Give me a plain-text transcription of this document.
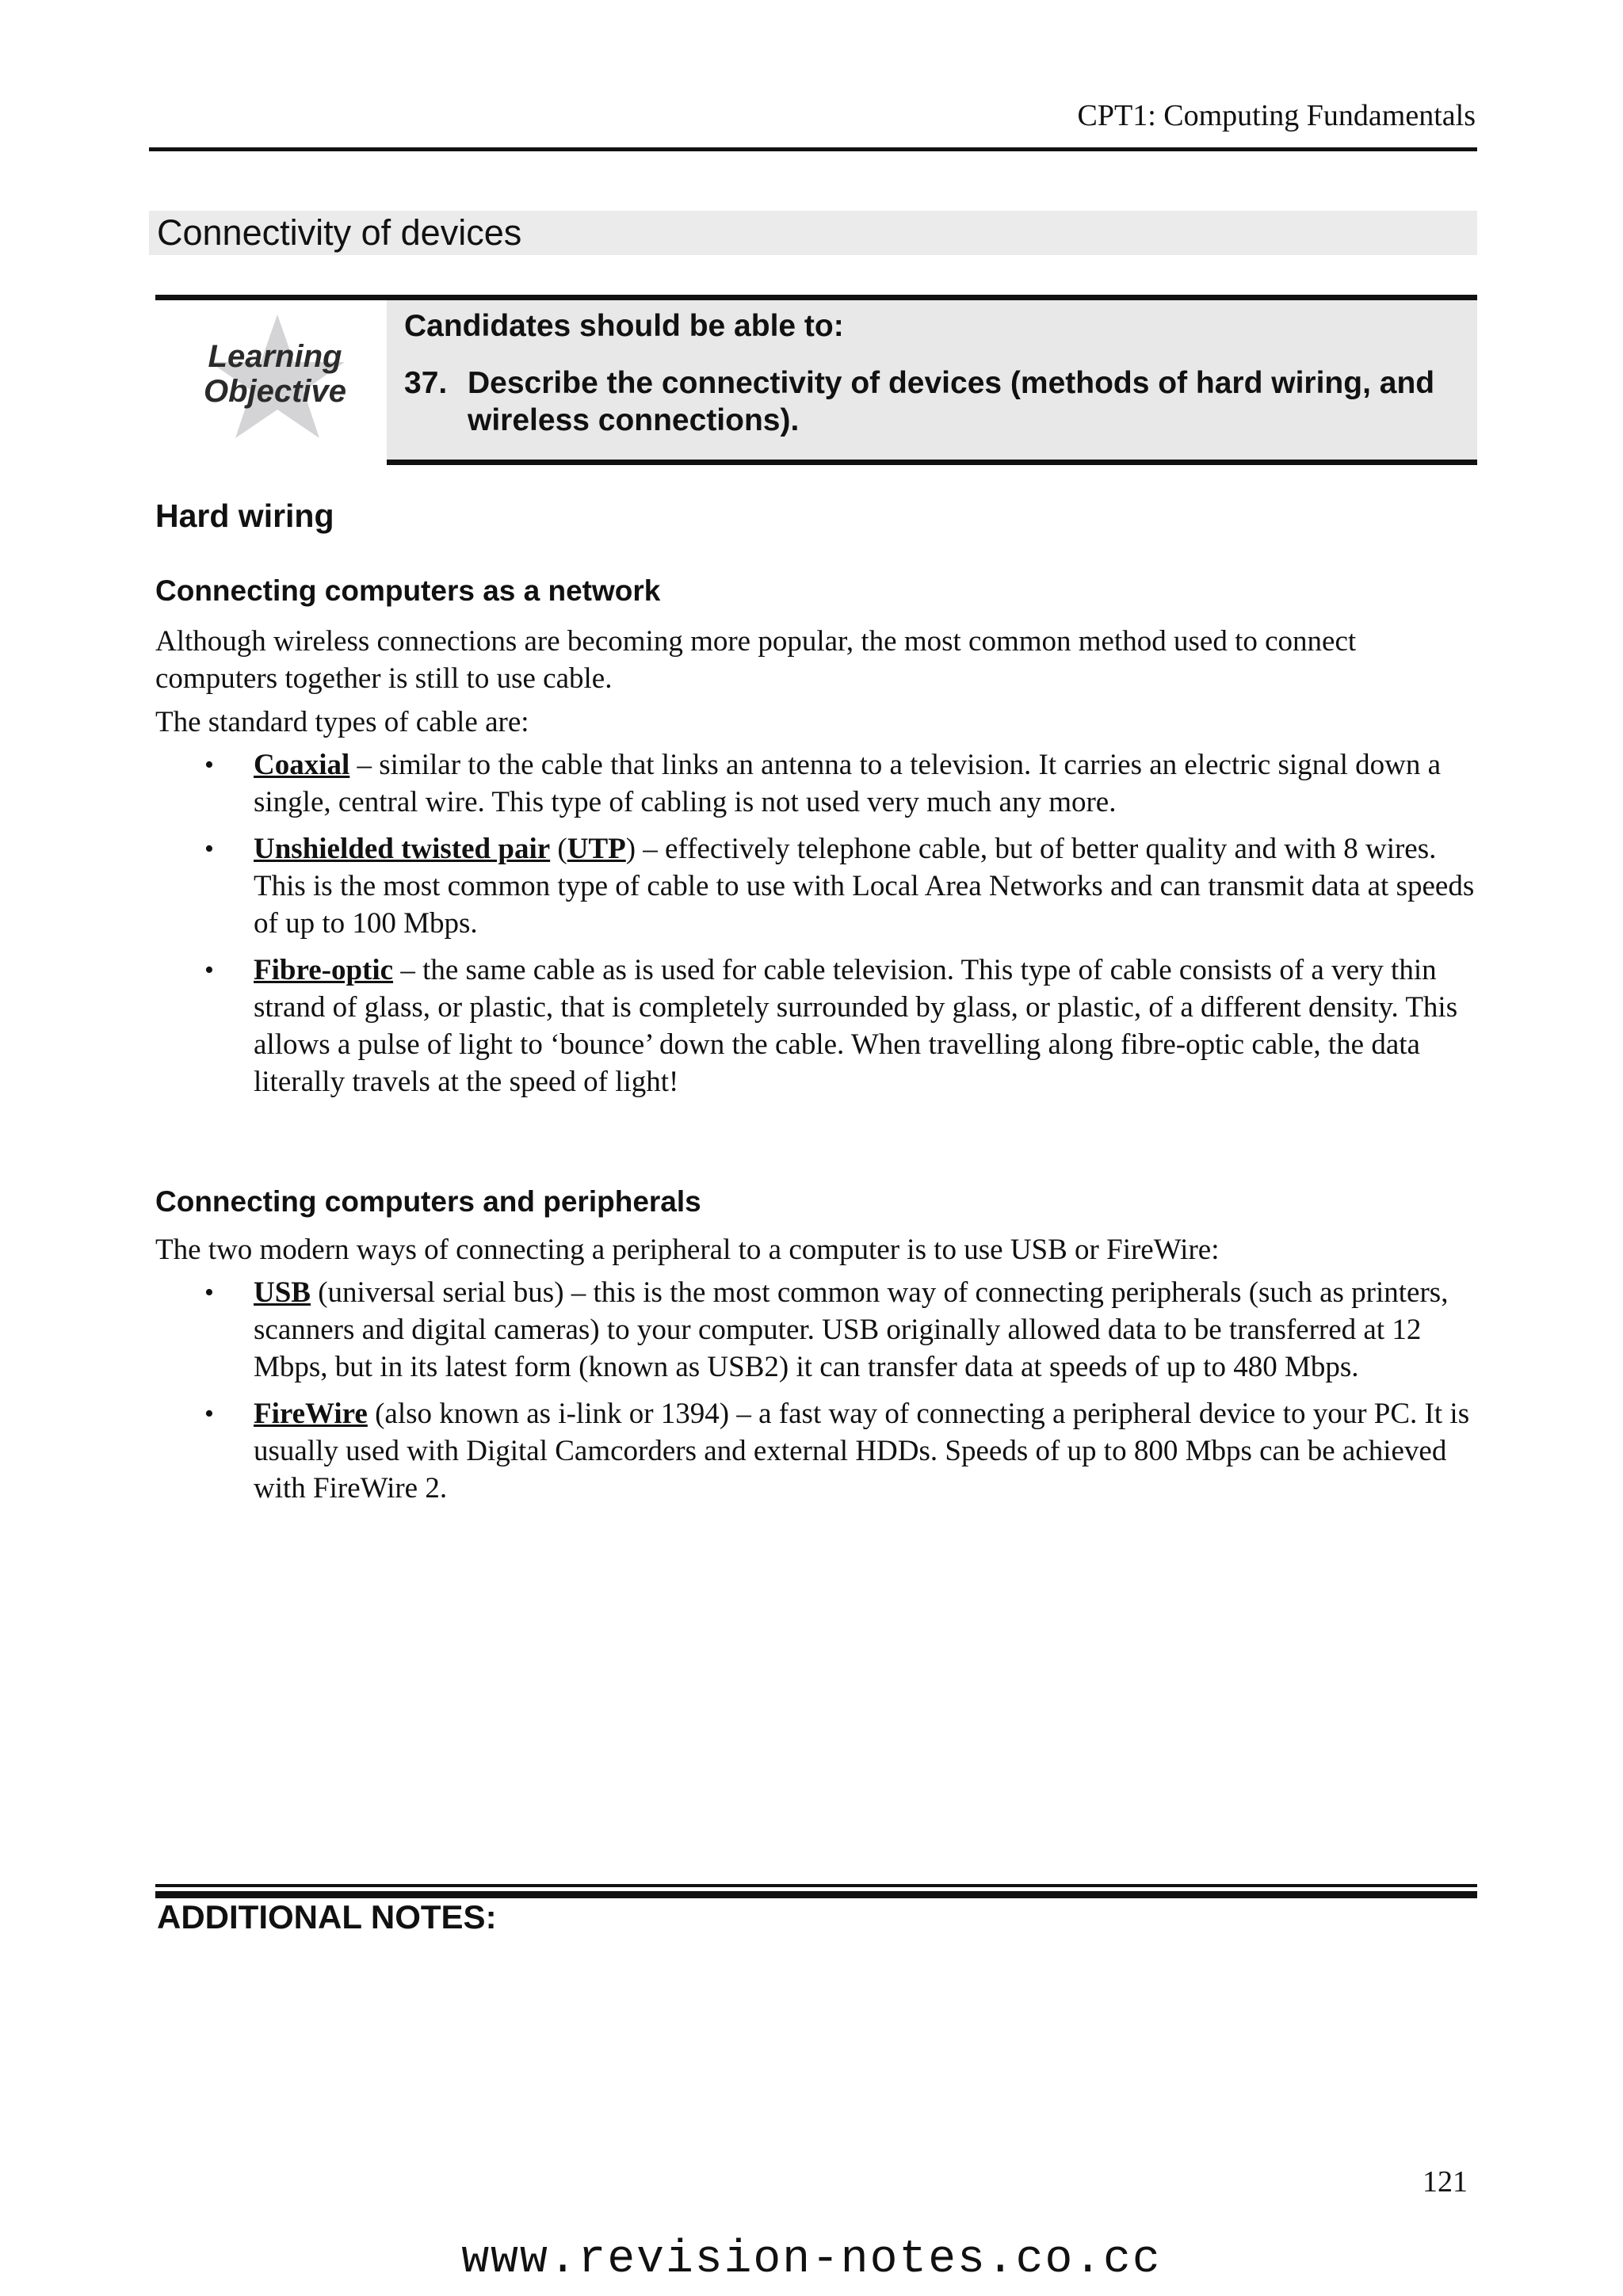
CPT1: Computing Fundamentals
Connectivity of devices
Learning
Objective
Candidates should be able to:
37. Describe the connectivity of devices (methods of hard wiring, and wireless connections).
Hard wiring
Connecting computers as a network
Although wireless connections are becoming more popular, the most common method used to connect computers together is still to use cable.
The standard types of cable are:
• Coaxial – similar to the cable that links an antenna to a television. It carries an electric signal down a single, central wire. This type of cabling is not used very much any more.
• Unshielded twisted pair (UTP) – effectively telephone cable, but of better quality and with 8 wires. This is the most common type of cable to use with Local Area Networks and can transmit data at speeds of up to 100 Mbps.
• Fibre-optic – the same cable as is used for cable television. This type of cable consists of a very thin strand of glass, or plastic, that is completely surrounded by glass, or plastic, of a different density. This allows a pulse of light to ‘bounce’ down the cable. When travelling along fibre-optic cable, the data literally travels at the speed of light!
Connecting computers and peripherals
The two modern ways of connecting a peripheral to a computer is to use USB or FireWire:
• USB (universal serial bus) – this is the most common way of connecting peripherals (such as printers, scanners and digital cameras) to your computer. USB originally allowed data to be transferred at 12 Mbps, but in its latest form (known as USB2) it can transfer data at speeds of up to 480 Mbps.
• FireWire (also known as i-link or 1394) – a fast way of connecting a peripheral device to your PC. It is usually used with Digital Camcorders and external HDDs. Speeds of up to 800 Mbps can be achieved with FireWire 2.
ADDITIONAL NOTES:
121
www.revision-notes.co.cc
